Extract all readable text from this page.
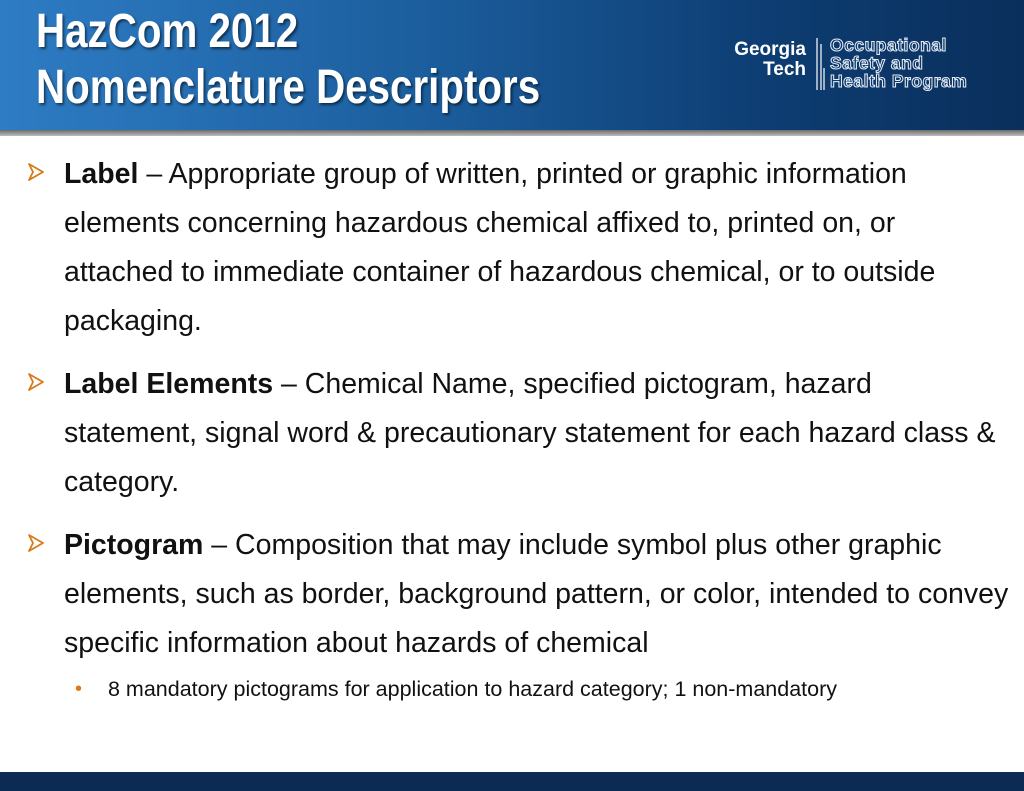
HazCom 2012
Nomenclature Descriptors
Georgia
Tech
Occupational
Safety and
Health Program

Label – Appropriate group of written, printed or graphic information elements concerning hazardous chemical affixed to, printed on, or attached to immediate container of hazardous chemical, or to outside packaging.

Label Elements – Chemical Name, specified pictogram, hazard statement, signal word & precautionary statement for each hazard class & category.

Pictogram – Composition that may include symbol plus other graphic elements, such as border, background pattern, or color, intended to convey specific information about hazards of chemical

• 8 mandatory pictograms for application to hazard category; 1 non-mandatory
